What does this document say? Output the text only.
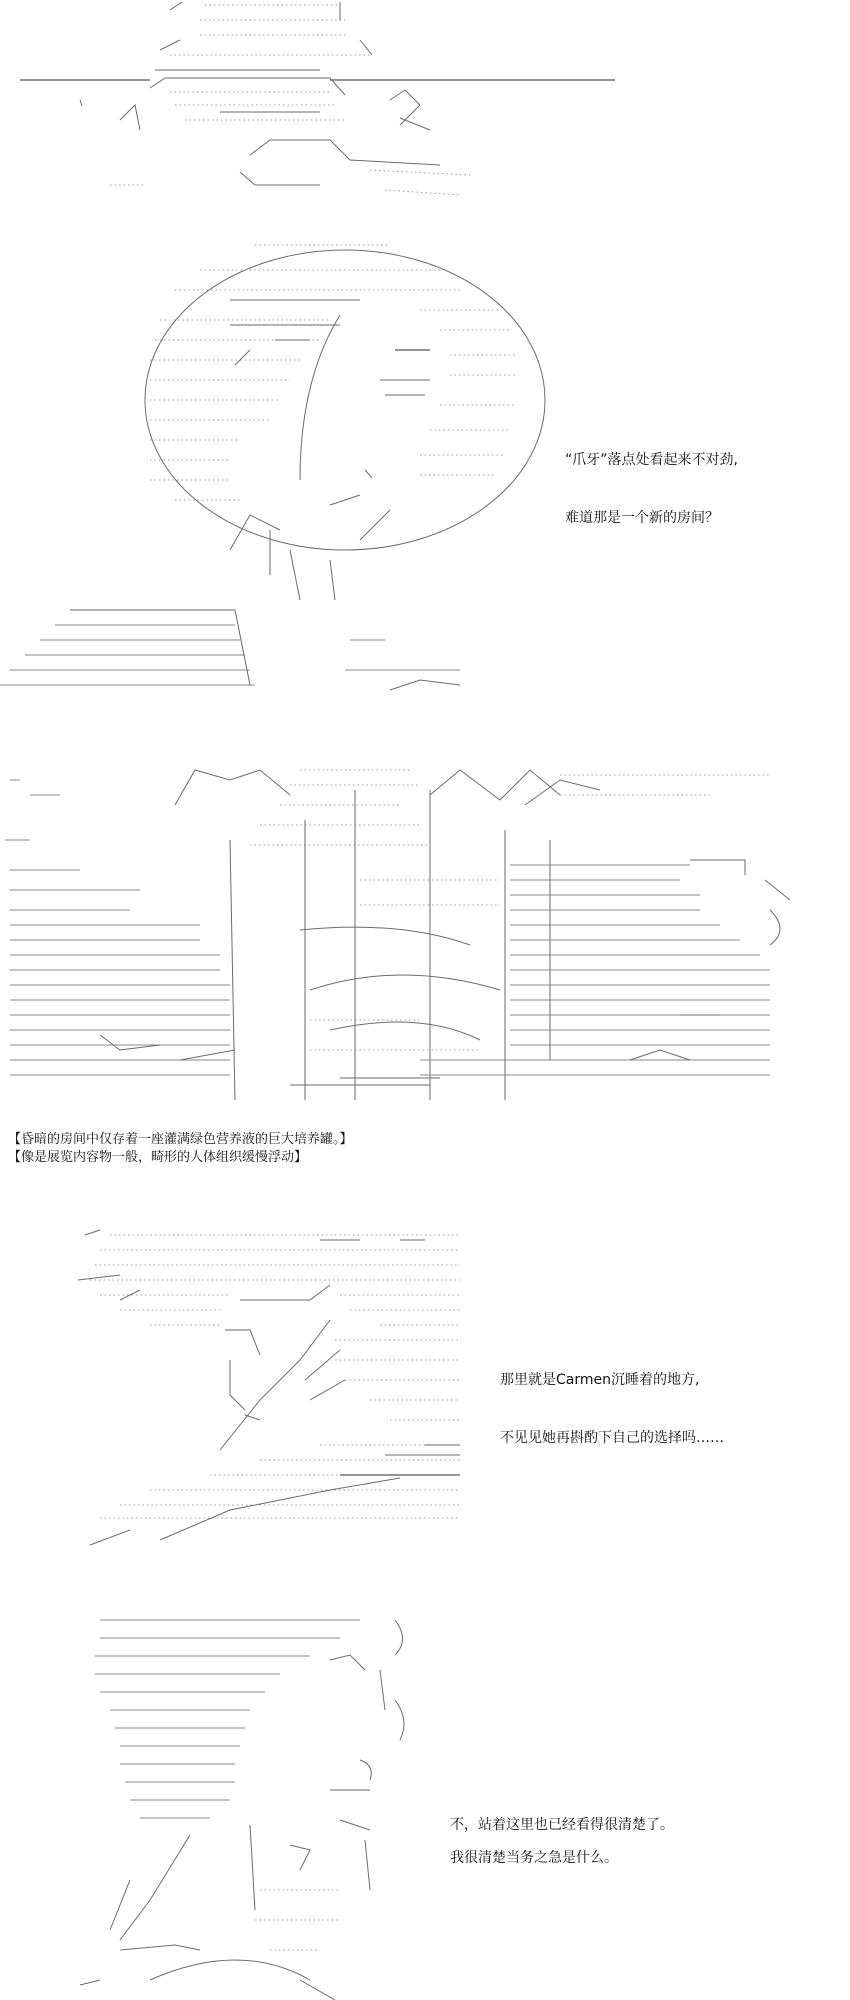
“爪牙”落点处看起来不对劲,
难道那是一个新的房间？
【昏暗的房间中仅存着一座灌满绿色营养液的巨大培养罐。】
【像是展览内容物一般，畸形的人体组织缓慢浮动】
那里就是Carmen沉睡着的地方,
不见见她再斟酌下自己的选择吗……
不，站着这里也已经看得很清楚了。
我很清楚当务之急是什么。
